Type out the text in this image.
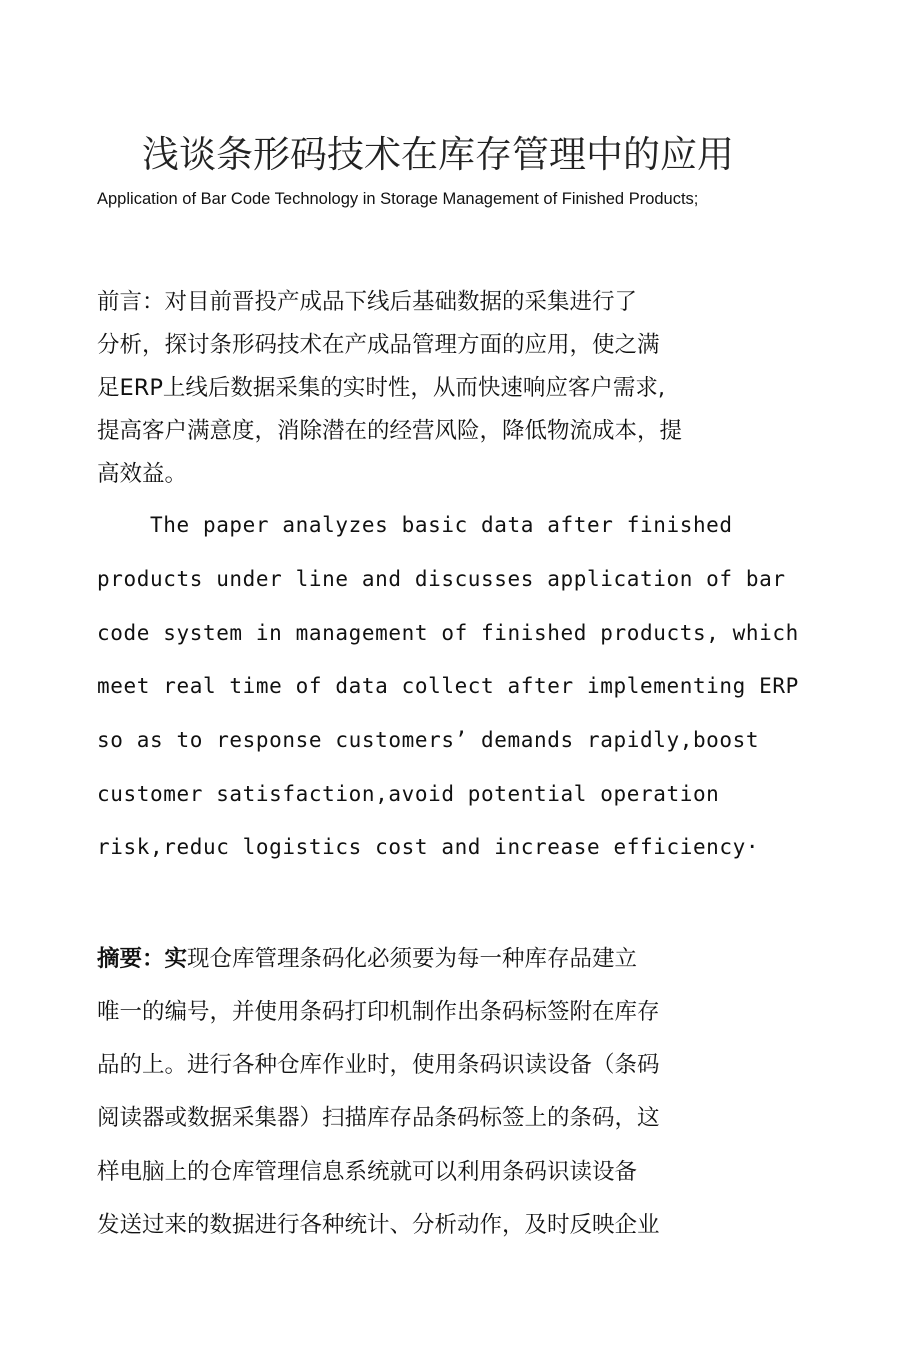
浅谈条形码技术在库存管理中的应用
Application of Bar Code Technology in Storage Management of Finished Products;
前言：对目前晋投产成品下线后基础数据的采集进行了
分析，探讨条形码技术在产成品管理方面的应用，使之满
足ERP上线后数据采集的实时性，从而快速响应客户需求,
提高客户满意度，消除潜在的经营风险，降低物流成本，提
高效益。
The paper analyzes basic data after finished
products under line and discusses application of bar
code system in management of finished products, which
meet real time of data collect after implementing ERP
so as to response customers’ demands rapidly,boost
customer satisfaction,avoid potential operation
risk,reduc logistics cost and increase efficiency·
摘要：实现仓库管理条码化必须要为每一种库存品建立
唯一的编号，并使用条码打印机制作出条码标签附在库存
品的上。进行各种仓库作业时，使用条码识读设备（条码
阅读器或数据采集器）扫描库存品条码标签上的条码，这
样电脑上的仓库管理信息系统就可以利用条码识读设备
发送过来的数据进行各种统计、分析动作，及时反映企业
